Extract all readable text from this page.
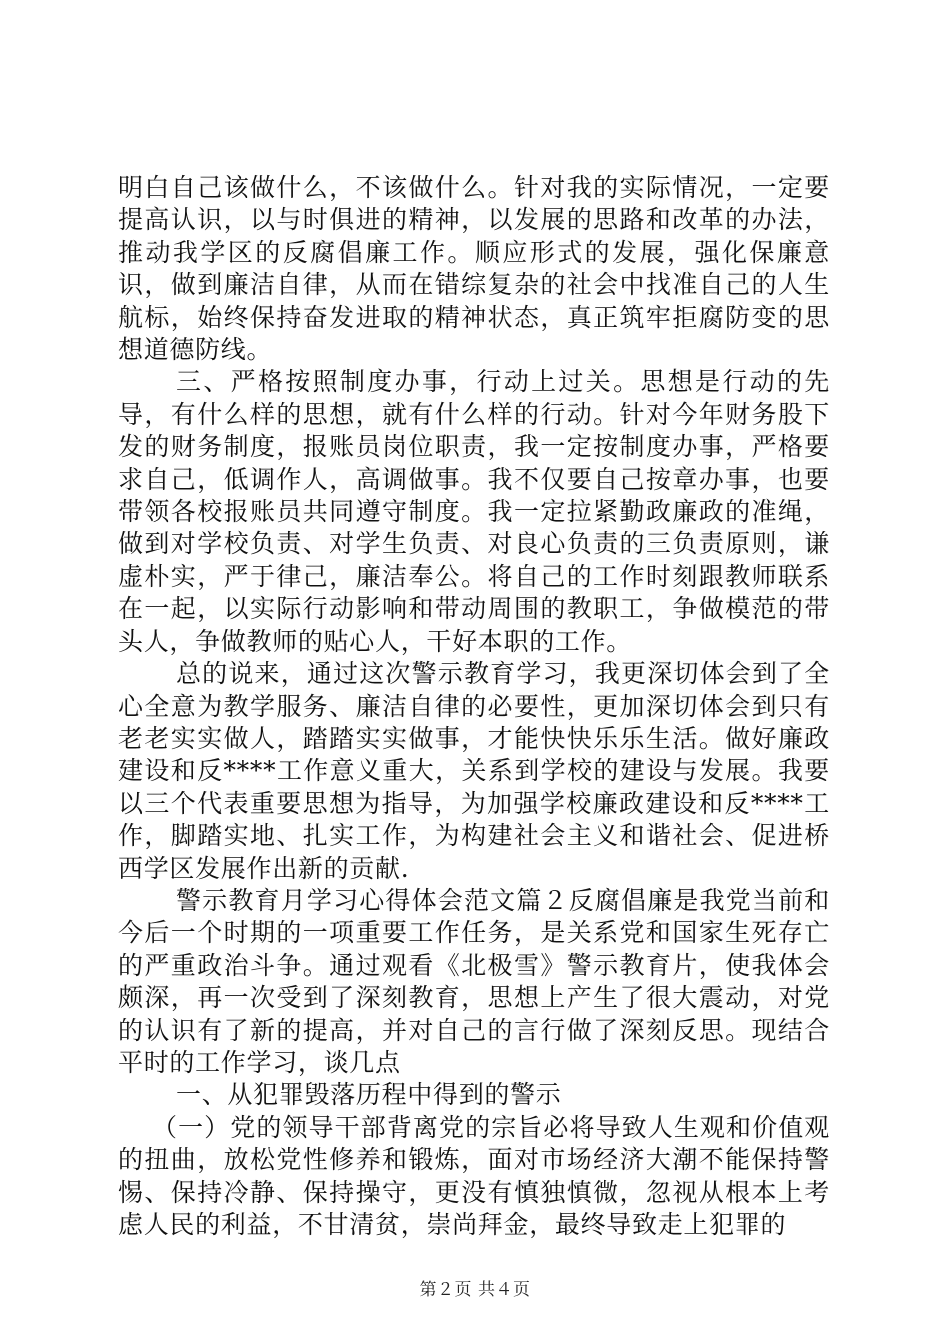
明白自己该做什么，不该做什么。针对我的实际情况，一定要提高认识，以与时俱进的精神，以发展的思路和改革的办法，推动我学区的反腐倡廉工作。顺应形式的发展，强化保廉意识，做到廉洁自律，从而在错综复杂的社会中找准自己的人生航标，始终保持奋发进取的精神状态，真正筑牢拒腐防变的思想道德防线。

三、严格按照制度办事，行动上过关。思想是行动的先导，有什么样的思想，就有什么样的行动。针对今年财务股下发的财务制度，报账员岗位职责，我一定按制度办事，严格要求自己，低调作人，高调做事。我不仅要自己按章办事，也要带领各校报账员共同遵守制度。我一定拉紧勤政廉政的准绳，做到对学校负责、对学生负责、对良心负责的三负责原则，谦虚朴实，严于律己，廉洁奉公。将自己的工作时刻跟教师联系在一起，以实际行动影响和带动周围的教职工，争做模范的带头人，争做教师的贴心人，干好本职的工作。

总的说来，通过这次警示教育学习，我更深切体会到了全心全意为教学服务、廉洁自律的必要性，更加深切体会到只有老老实实做人，踏踏实实做事，才能快快乐乐生活。做好廉政建设和反****工作意义重大，关系到学校的建设与发展。我要以三个代表重要思想为指导，为加强学校廉政建设和反****工作，脚踏实地、扎实工作，为构建社会主义和谐社会、促进桥西学区发展作出新的贡献.

警示教育月学习心得体会范文篇２反腐倡廉是我党当前和今后一个时期的一项重要工作任务，是关系党和国家生死存亡的严重政治斗争。通过观看《北极雪》警示教育片，使我体会颇深，再一次受到了深刻教育，思想上产生了很大震动，对党的认识有了新的提高，并对自己的言行做了深刻反思。现结合平时的工作学习，谈几点

一、从犯罪毁落历程中得到的警示

（一）党的领导干部背离党的宗旨必将导致人生观和价值观的扭曲，放松党性修养和锻炼，面对市场经济大潮不能保持警惕、保持冷静、保持操守，更没有慎独慎微，忽视从根本上考虑人民的利益，不甘清贫，崇尚拜金，最终导致走上犯罪的

第２页 共４页
